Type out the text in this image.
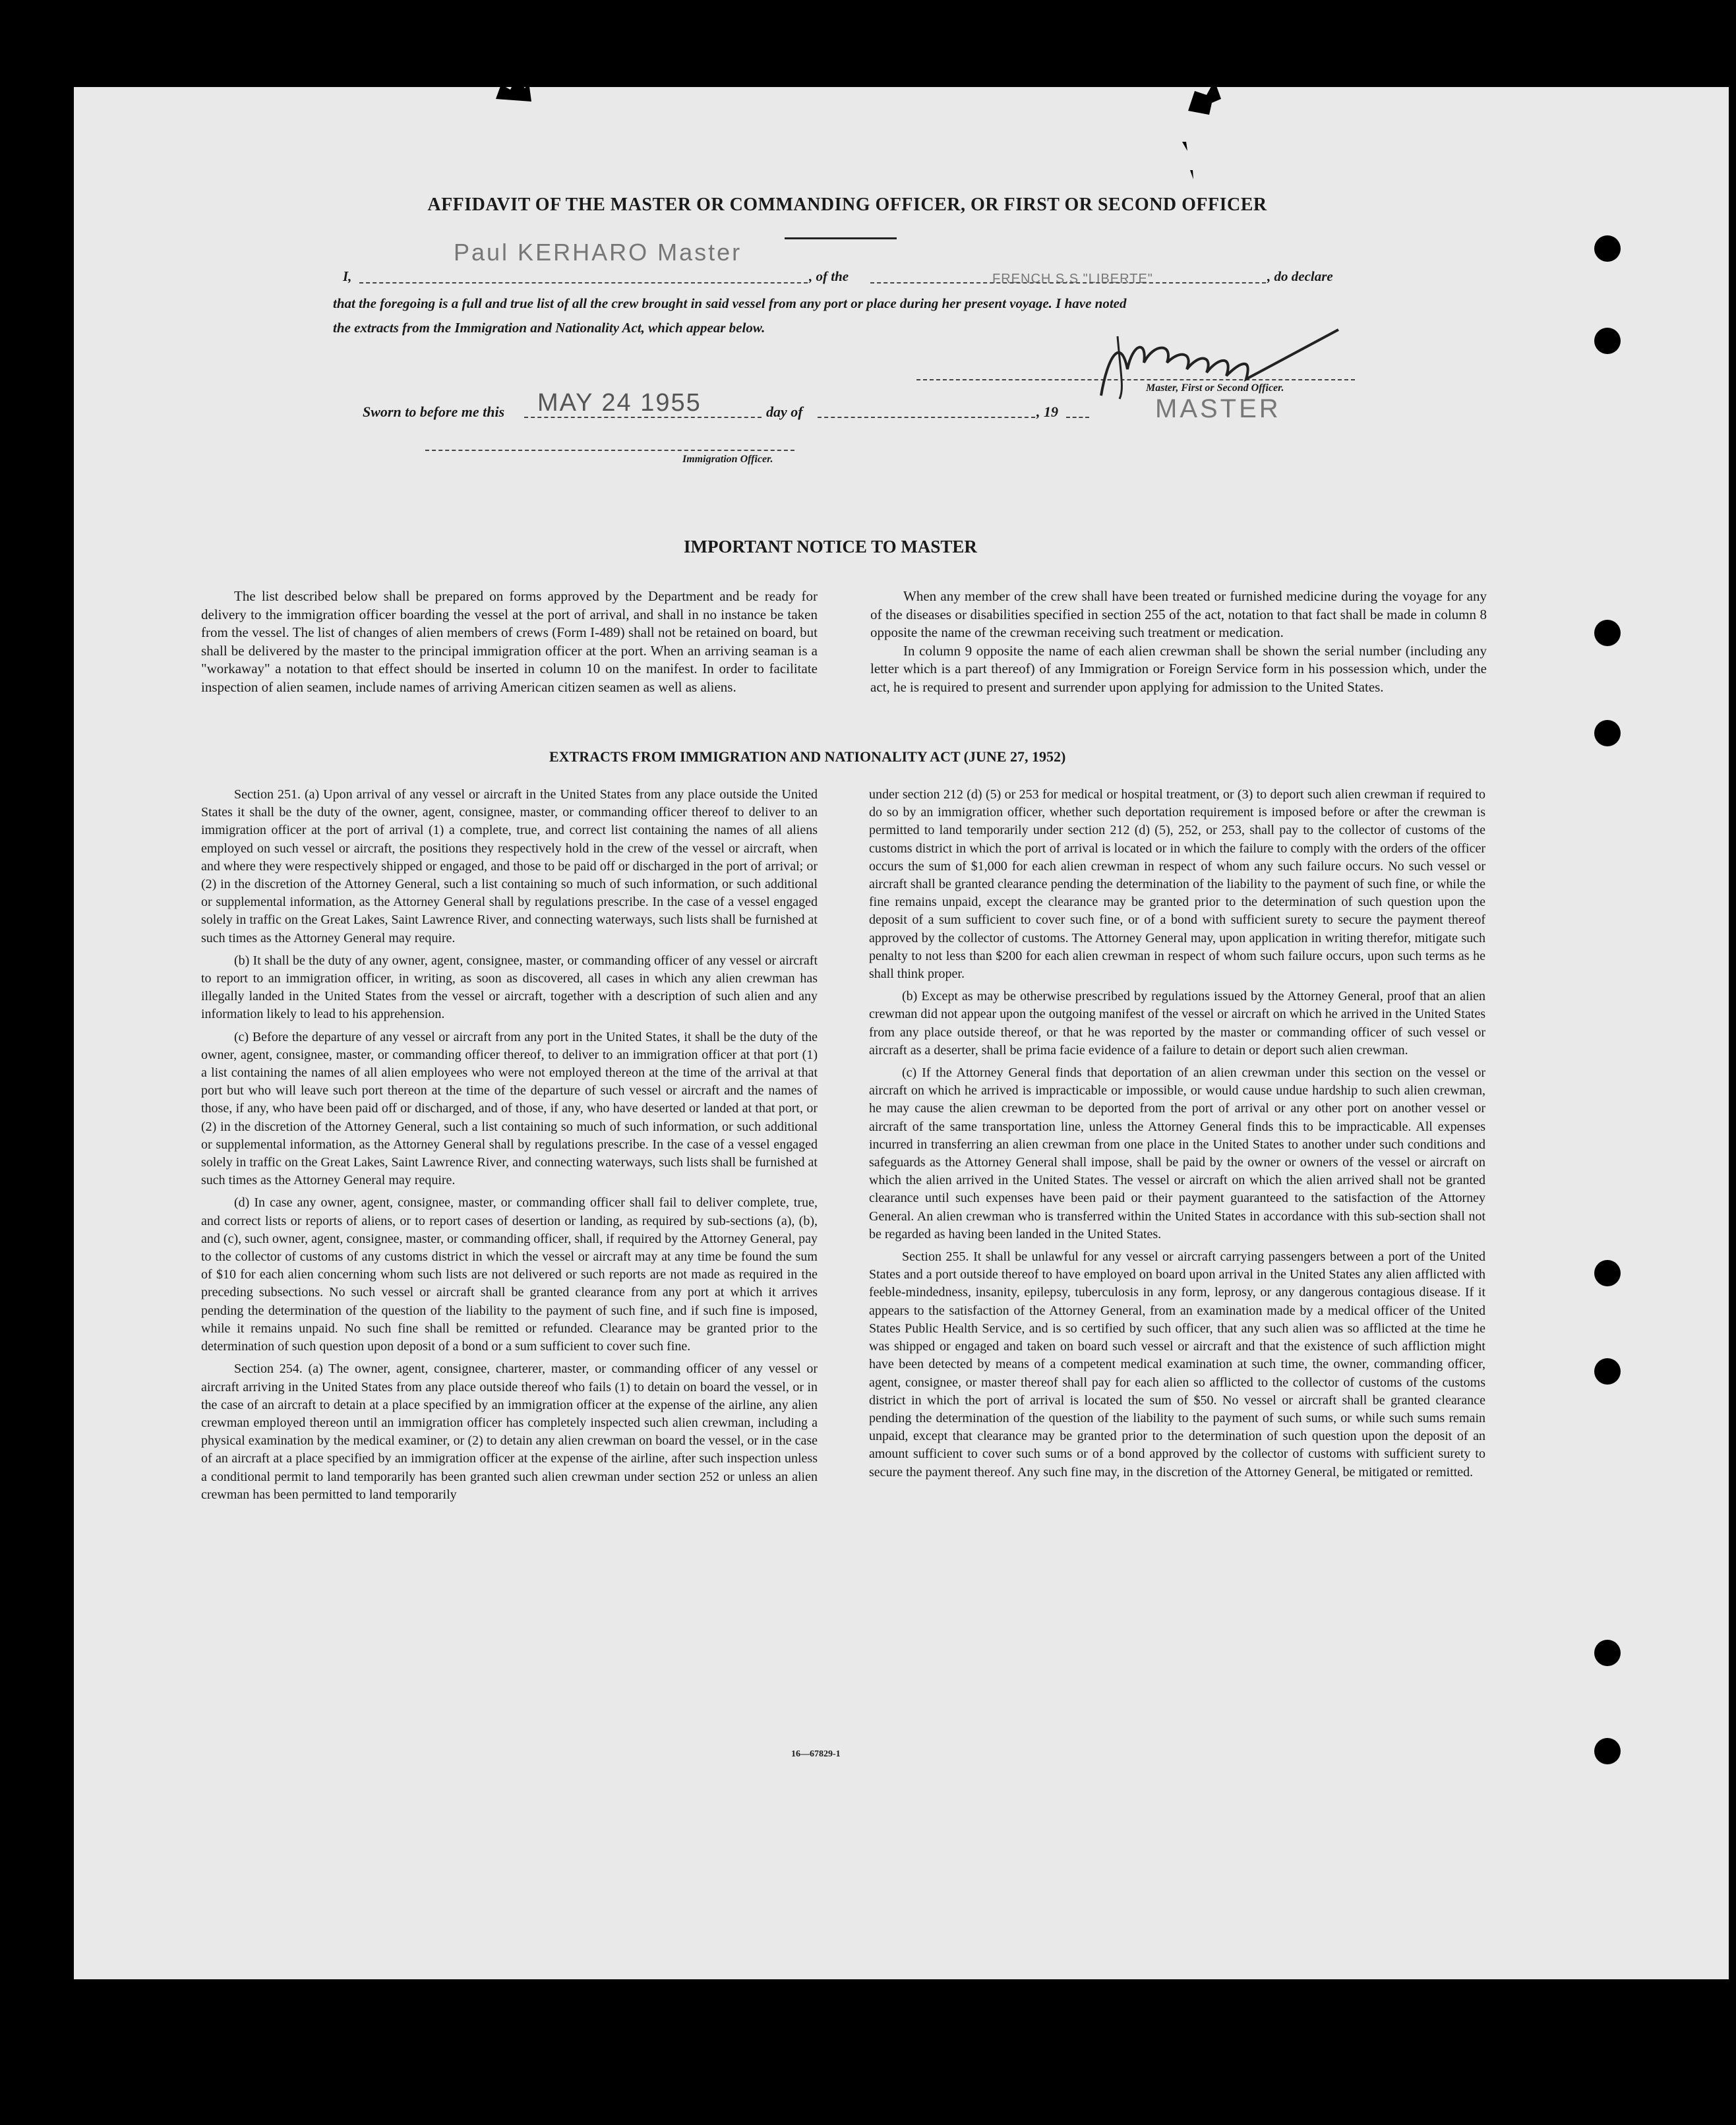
AFFIDAVIT OF THE MASTER OR COMMANDING OFFICER, OR FIRST OR SECOND OFFICER
Paul KERHARO Master
I,	, of the	FRENCH S.S "LIBERTE"	, do declare
that the foregoing is a full and true list of all the crew brought in said vessel from any port or place during her present voyage. I have noted
the extracts from the Immigration and Nationality Act, which appear below.
Master, First or Second Officer.
MASTER
Sworn to before me this MAY 24 1955	day of	, 19
Immigration Officer.
IMPORTANT NOTICE TO MASTER

The list described below shall be prepared on forms approved by the Department and be ready for delivery to the immigration officer boarding the vessel at the port of arrival, and shall in no instance be taken from the vessel. The list of changes of alien members of crews (Form I-489) shall not be retained on board, but shall be delivered by the master to the principal immigration officer at the port. When an arriving seaman is a "workaway" a notation to that effect should be inserted in column 10 on the manifest. In order to facilitate inspection of alien seamen, include names of arriving American citizen seamen as well as aliens.

When any member of the crew shall have been treated or furnished medicine during the voyage for any of the diseases or disabilities specified in section 255 of the act, notation to that fact shall be made in column 8 opposite the name of the crewman receiving such treatment or medication.

In column 9 opposite the name of each alien crewman shall be shown the serial number (including any letter which is a part thereof) of any Immigration or Foreign Service form in his possession which, under the act, he is required to present and surrender upon applying for admission to the United States.

EXTRACTS FROM IMMIGRATION AND NATIONALITY ACT (JUNE 27, 1952)

Section 251. (a) Upon arrival of any vessel or aircraft in the United States from any place outside the United States it shall be the duty of the owner, agent, consignee, master, or commanding officer thereof to deliver to an immigration officer at the port of arrival (1) a complete, true, and correct list containing the names of all aliens employed on such vessel or aircraft, the positions they respectively hold in the crew of the vessel or aircraft, when and where they were respectively shipped or engaged, and those to be paid off or discharged in the port of arrival; or (2) in the discretion of the Attorney General, such a list containing so much of such information, or such additional or supplemental information, as the Attorney General shall by regulations prescribe. In the case of a vessel engaged solely in traffic on the Great Lakes, Saint Lawrence River, and connecting waterways, such lists shall be furnished at such times as the Attorney General may require.

(b) It shall be the duty of any owner, agent, consignee, master, or commanding officer of any vessel or aircraft to report to an immigration officer, in writing, as soon as discovered, all cases in which any alien crewman has illegally landed in the United States from the vessel or aircraft, together with a description of such alien and any information likely to lead to his apprehension.

(c) Before the departure of any vessel or aircraft from any port in the United States, it shall be the duty of the owner, agent, consignee, master, or commanding officer thereof, to deliver to an immigration officer at that port (1) a list containing the names of all alien employees who were not employed thereon at the time of the arrival at that port but who will leave such port thereon at the time of the departure of such vessel or aircraft and the names of those, if any, who have been paid off or discharged, and of those, if any, who have deserted or landed at that port, or (2) in the discretion of the Attorney General, such a list containing so much of such information, or such additional or supplemental information, as the Attorney General shall by regulations prescribe. In the case of a vessel engaged solely in traffic on the Great Lakes, Saint Lawrence River, and connecting waterways, such lists shall be furnished at such times as the Attorney General may require.

(d) In case any owner, agent, consignee, master, or commanding officer shall fail to deliver complete, true, and correct lists or reports of aliens, or to report cases of desertion or landing, as required by sub-sections (a), (b), and (c), such owner, agent, consignee, master, or commanding officer, shall, if required by the Attorney General, pay to the collector of customs of any customs district in which the vessel or aircraft may at any time be found the sum of $10 for each alien concerning whom such lists are not delivered or such reports are not made as required in the preceding subsections. No such vessel or aircraft shall be granted clearance from any port at which it arrives pending the determination of the question of the liability to the payment of such fine, and if such fine is imposed, while it remains unpaid. No such fine shall be remitted or refunded. Clearance may be granted prior to the determination of such question upon deposit of a bond or a sum sufficient to cover such fine.

Section 254. (a) The owner, agent, consignee, charterer, master, or commanding officer of any vessel or aircraft arriving in the United States from any place outside thereof who fails (1) to detain on board the vessel, or in the case of an aircraft to detain at a place specified by an immigration officer at the expense of the airline, any alien crewman employed thereon until an immigration officer has completely inspected such alien crewman, including a physical examination by the medical examiner, or (2) to detain any alien crewman on board the vessel, or in the case of an aircraft at a place specified by an immigration officer at the expense of the airline, after such inspection unless a conditional permit to land temporarily has been granted such alien crewman under section 252 or unless an alien crewman has been permitted to land temporarily

under section 212 (d) (5) or 253 for medical or hospital treatment, or (3) to deport such alien crewman if required to do so by an immigration officer, whether such deportation requirement is imposed before or after the crewman is permitted to land temporarily under section 212 (d) (5), 252, or 253, shall pay to the collector of customs of the customs district in which the port of arrival is located or in which the failure to comply with the orders of the officer occurs the sum of $1,000 for each alien crewman in respect of whom any such failure occurs. No such vessel or aircraft shall be granted clearance pending the determination of the liability to the payment of such fine, or while the fine remains unpaid, except the clearance may be granted prior to the determination of such question upon the deposit of a sum sufficient to cover such fine, or of a bond with sufficient surety to secure the payment thereof approved by the collector of customs. The Attorney General may, upon application in writing therefor, mitigate such penalty to not less than $200 for each alien crewman in respect of whom such failure occurs, upon such terms as he shall think proper.

(b) Except as may be otherwise prescribed by regulations issued by the Attorney General, proof that an alien crewman did not appear upon the outgoing manifest of the vessel or aircraft on which he arrived in the United States from any place outside thereof, or that he was reported by the master or commanding officer of such vessel or aircraft as a deserter, shall be prima facie evidence of a failure to detain or deport such alien crewman.

(c) If the Attorney General finds that deportation of an alien crewman under this section on the vessel or aircraft on which he arrived is impracticable or impossible, or would cause undue hardship to such alien crewman, he may cause the alien crewman to be deported from the port of arrival or any other port on another vessel or aircraft of the same transportation line, unless the Attorney General finds this to be impracticable. All expenses incurred in transferring an alien crewman from one place in the United States to another under such conditions and safeguards as the Attorney General shall impose, shall be paid by the owner or owners of the vessel or aircraft on which the alien arrived in the United States. The vessel or aircraft on which the alien arrived shall not be granted clearance until such expenses have been paid or their payment guaranteed to the satisfaction of the Attorney General. An alien crewman who is transferred within the United States in accordance with this sub-section shall not be regarded as having been landed in the United States.

Section 255. It shall be unlawful for any vessel or aircraft carrying passengers between a port of the United States and a port outside thereof to have employed on board upon arrival in the United States any alien afflicted with feeble-mindedness, insanity, epilepsy, tuberculosis in any form, leprosy, or any dangerous contagious disease. If it appears to the satisfaction of the Attorney General, from an examination made by a medical officer of the United States Public Health Service, and is so certified by such officer, that any such alien was so afflicted at the time he was shipped or engaged and taken on board such vessel or aircraft and that the existence of such affliction might have been detected by means of a competent medical examination at such time, the owner, commanding officer, agent, consignee, or master thereof shall pay for each alien so afflicted to the collector of customs of the customs district in which the port of arrival is located the sum of $50. No vessel or aircraft shall be granted clearance pending the determination of the question of the liability to the payment of such sums, or while such sums remain unpaid, except that clearance may be granted prior to the determination of such question upon the deposit of an amount sufficient to cover such sums or of a bond approved by the collector of customs with sufficient surety to secure the payment thereof. Any such fine may, in the discretion of the Attorney General, be mitigated or remitted.

16—67829-1
